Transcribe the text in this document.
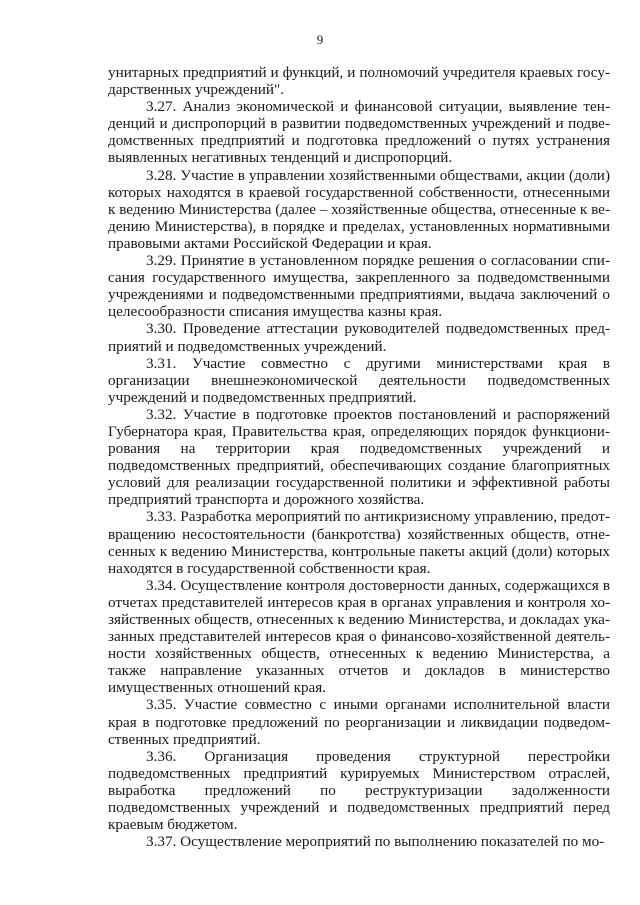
9

унитарных предприятий и функций, и полномочий учредителя краевых государственных учреждений".

3.27. Анализ экономической и финансовой ситуации, выявление тенденций и диспропорций в развитии подведомственных учреждений и подведомственных предприятий и подготовка предложений о путях устранения выявленных негативных тенденций и диспропорций.

3.28. Участие в управлении хозяйственными обществами, акции (доли) которых находятся в краевой государственной собственности, отнесенными к ведению Министерства (далее – хозяйственные общества, отнесенные к ведению Министерства), в порядке и пределах, установленных нормативными правовыми актами Российской Федерации и края.

3.29. Принятие в установленном порядке решения о согласовании списания государственного имущества, закрепленного за подведомственными учреждениями и подведомственными предприятиями, выдача заключений о целесообразности списания имущества казны края.

3.30. Проведение аттестации руководителей подведомственных предприятий и подведомственных учреждений.

3.31. Участие совместно с другими министерствами края в организации внешнеэкономической деятельности подведомственных учреждений и подведомственных предприятий.

3.32. Участие в подготовке проектов постановлений и распоряжений Губернатора края, Правительства края, определяющих порядок функционирования на территории края подведомственных учреждений и подведомственных предприятий, обеспечивающих создание благоприятных условий для реализации государственной политики и эффективной работы предприятий транспорта и дорожного хозяйства.

3.33. Разработка мероприятий по антикризисному управлению, предотвращению несостоятельности (банкротства) хозяйственных обществ, отнесенных к ведению Министерства, контрольные пакеты акций (доли) которых находятся в государственной собственности края.

3.34. Осуществление контроля достоверности данных, содержащихся в отчетах представителей интересов края в органах управления и контроля хозяйственных обществ, отнесенных к ведению Министерства, и докладах указанных представителей интересов края о финансово-хозяйственной деятельности хозяйственных обществ, отнесенных к ведению Министерства, а также направление указанных отчетов и докладов в министерство имущественных отношений края.

3.35. Участие совместно с иными органами исполнительной власти края в подготовке предложений по реорганизации и ликвидации подведомственных предприятий.

3.36. Организация проведения структурной перестройки подведомственных предприятий курируемых Министерством отраслей, выработка предложений по реструктуризации задолженности подведомственных учреждений и подведомственных предприятий перед краевым бюджетом.

3.37. Осуществление мероприятий по выполнению показателей по мо-
